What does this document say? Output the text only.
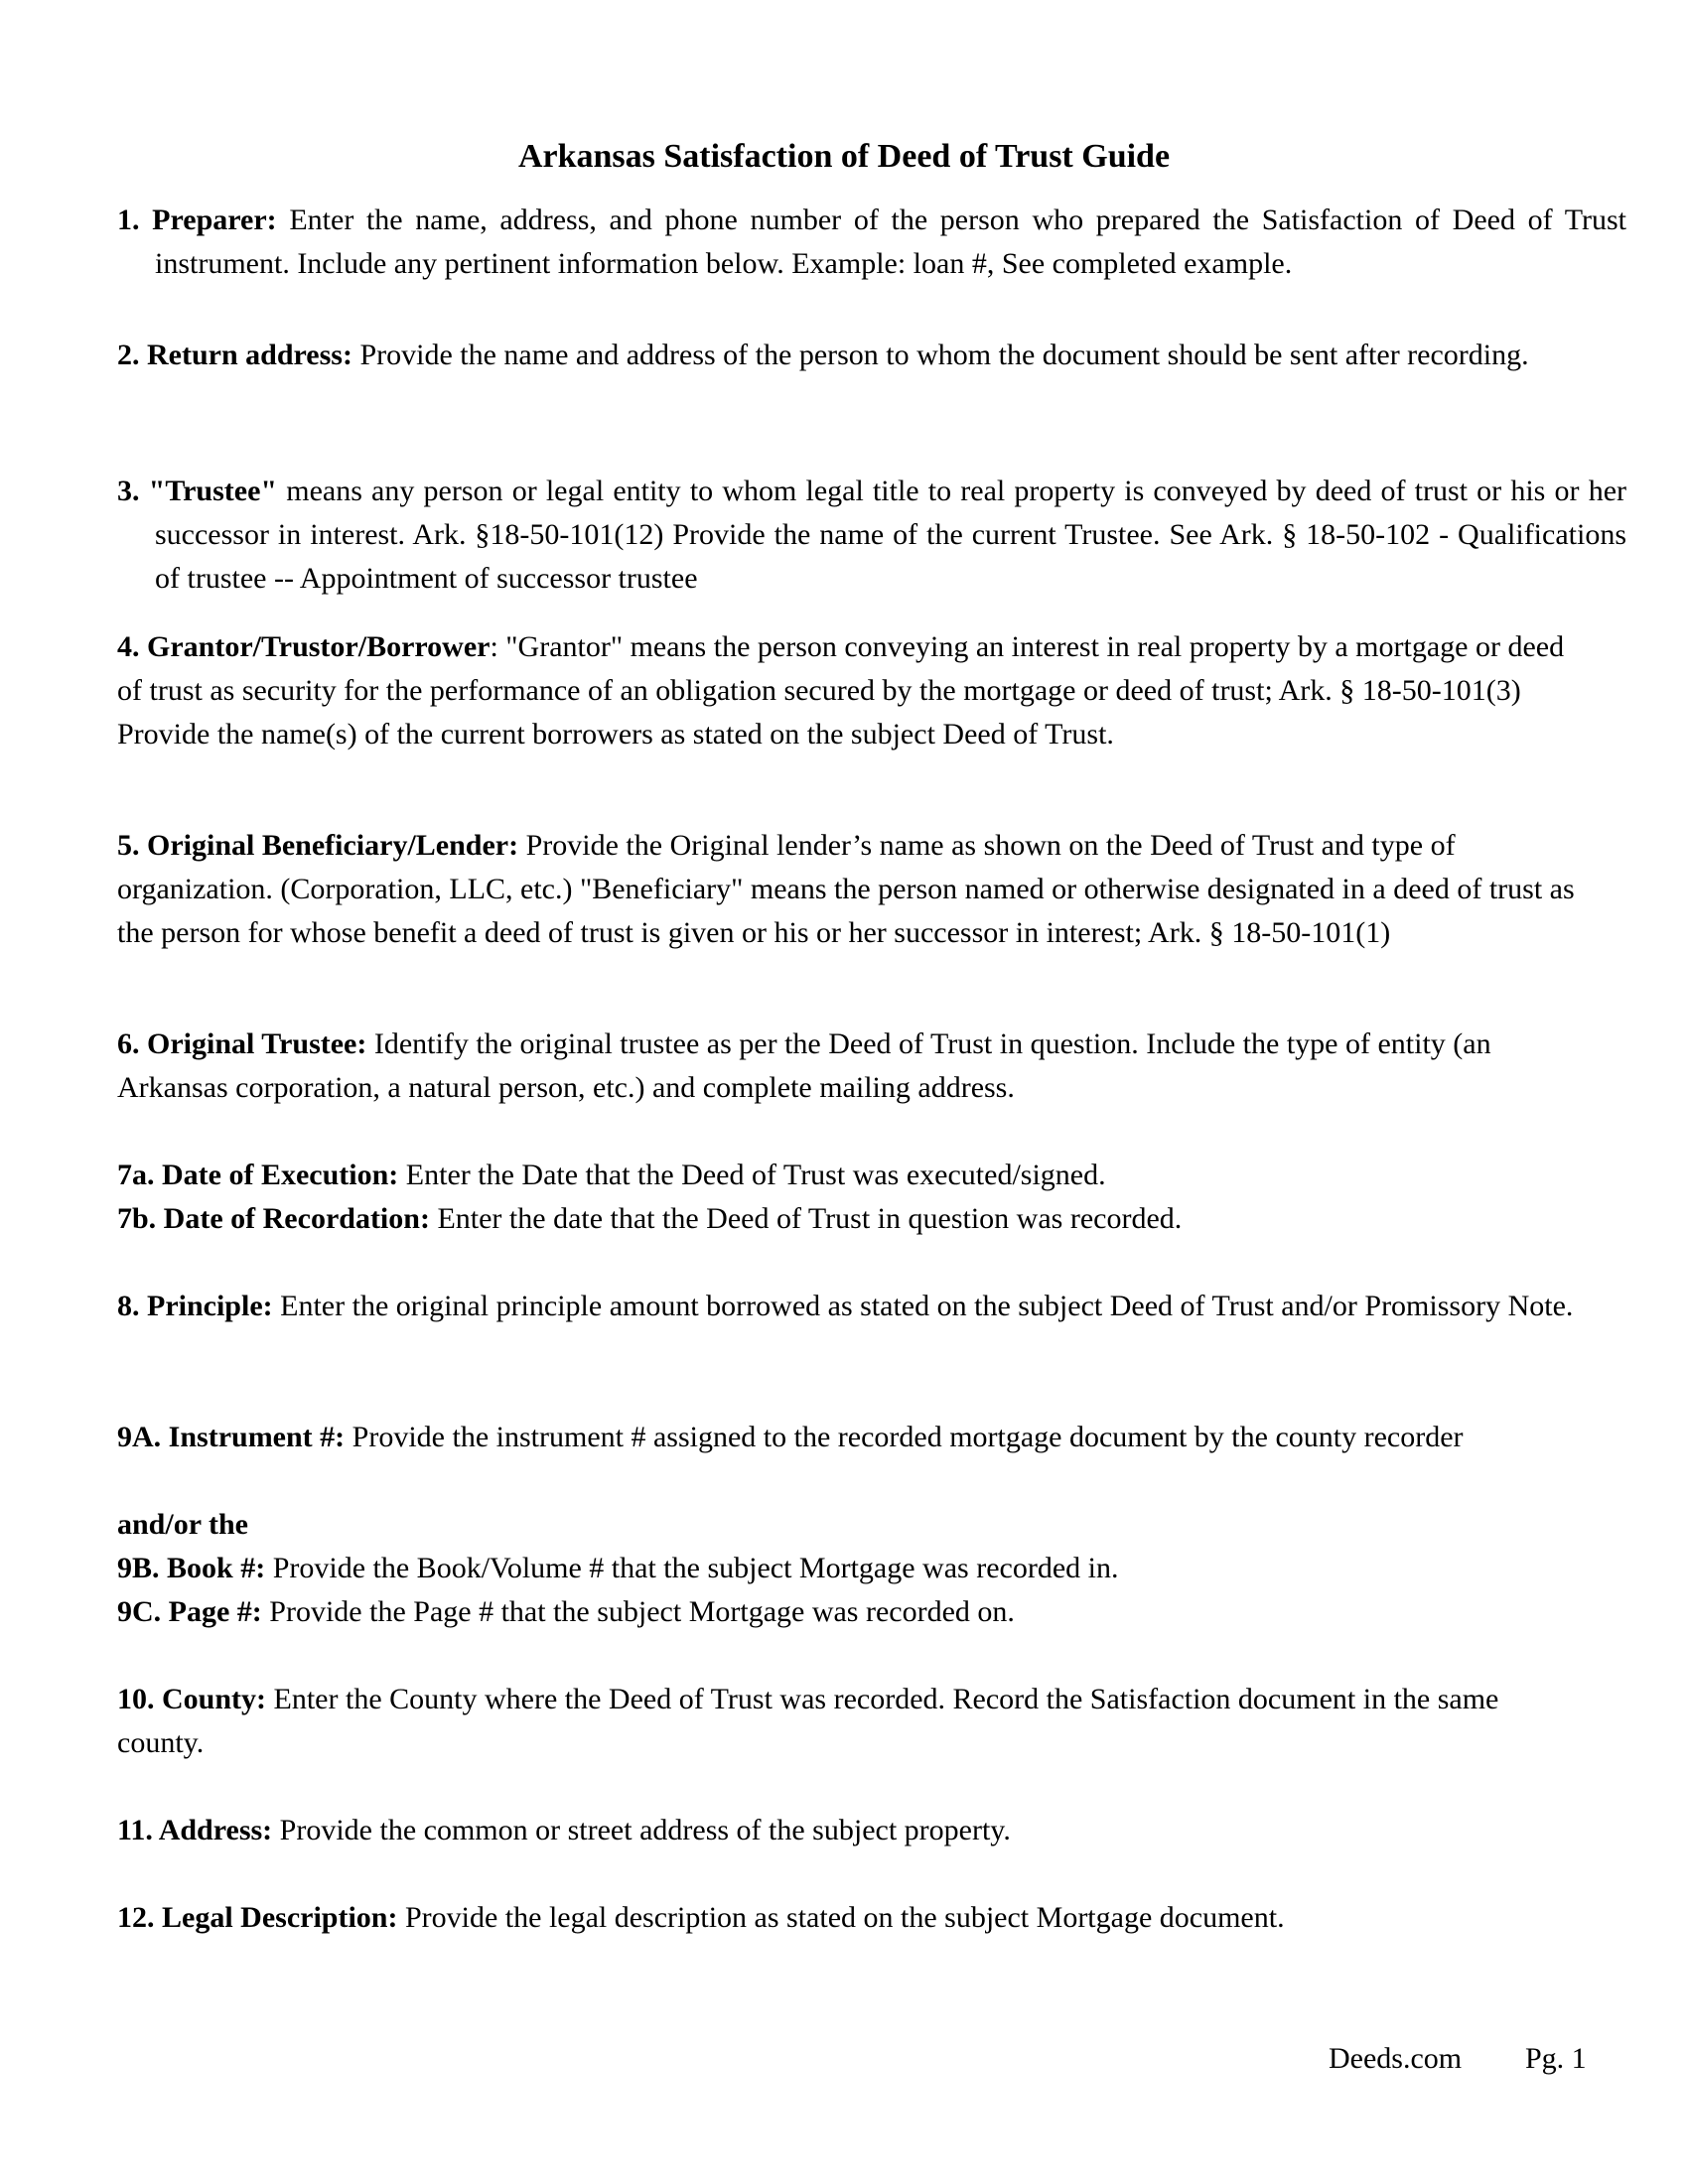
Arkansas Satisfaction of Deed of Trust Guide

1. Preparer: Enter the name, address, and phone number of the person who prepared the Satisfaction of Deed of Trust instrument. Include any pertinent information below. Example: loan #, See completed example.

2. Return address: Provide the name and address of the person to whom the document should be sent after recording.

3. "Trustee" means any person or legal entity to whom legal title to real property is conveyed by deed of trust or his or her successor in interest. Ark. §18-50-101(12) Provide the name of the current Trustee. See Ark. § 18-50-102 - Qualifications of trustee -- Appointment of successor trustee

4. Grantor/Trustor/Borrower: "Grantor" means the person conveying an interest in real property by a mortgage or deed of trust as security for the performance of an obligation secured by the mortgage or deed of trust; Ark. § 18-50-101(3) Provide the name(s) of the current borrowers as stated on the subject Deed of Trust.

5. Original Beneficiary/Lender: Provide the Original lender’s name as shown on the Deed of Trust and type of organization. (Corporation, LLC, etc.) "Beneficiary" means the person named or otherwise designated in a deed of trust as the person for whose benefit a deed of trust is given or his or her successor in interest; Ark. § 18-50-101(1)

6. Original Trustee: Identify the original trustee as per the Deed of Trust in question. Include the type of entity (an Arkansas corporation, a natural person, etc.) and complete mailing address.

7a. Date of Execution: Enter the Date that the Deed of Trust was executed/signed.

7b. Date of Recordation: Enter the date that the Deed of Trust in question was recorded.

8. Principle: Enter the original principle amount borrowed as stated on the subject Deed of Trust and/or Promissory Note.

9A. Instrument #: Provide the instrument # assigned to the recorded mortgage document by the county recorder

and/or the

9B. Book #: Provide the Book/Volume # that the subject Mortgage was recorded in.

9C. Page #: Provide the Page # that the subject Mortgage was recorded on.

10. County: Enter the County where the Deed of Trust was recorded. Record the Satisfaction document in the same county.

11. Address: Provide the common or street address of the subject property.

12. Legal Description: Provide the legal description as stated on the subject Mortgage document.

Deeds.com Pg. 1
